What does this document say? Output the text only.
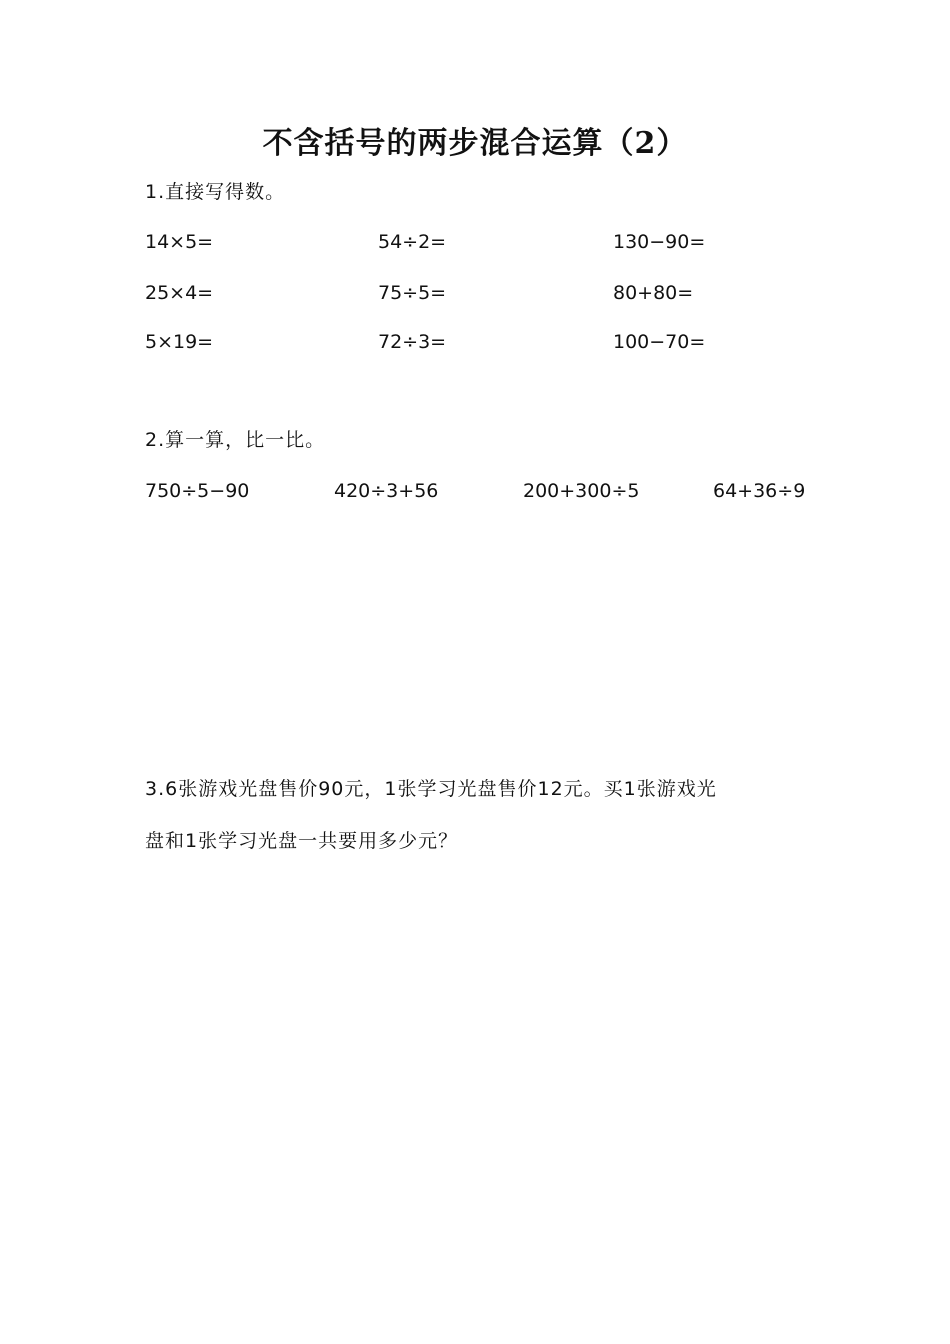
不含括号的两步混合运算（2）
1.直接写得数。
14×5=	54÷2=	130−90=
25×4=	75÷5=	80+80=
5×19=	72÷3=	100−70=
2.算一算，比一比。
750÷5−90	420÷3+56	200+300÷5	64+36÷9
3.6张游戏光盘售价90元，1张学习光盘售价12元。买1张游戏光
盘和1张学习光盘一共要用多少元？
